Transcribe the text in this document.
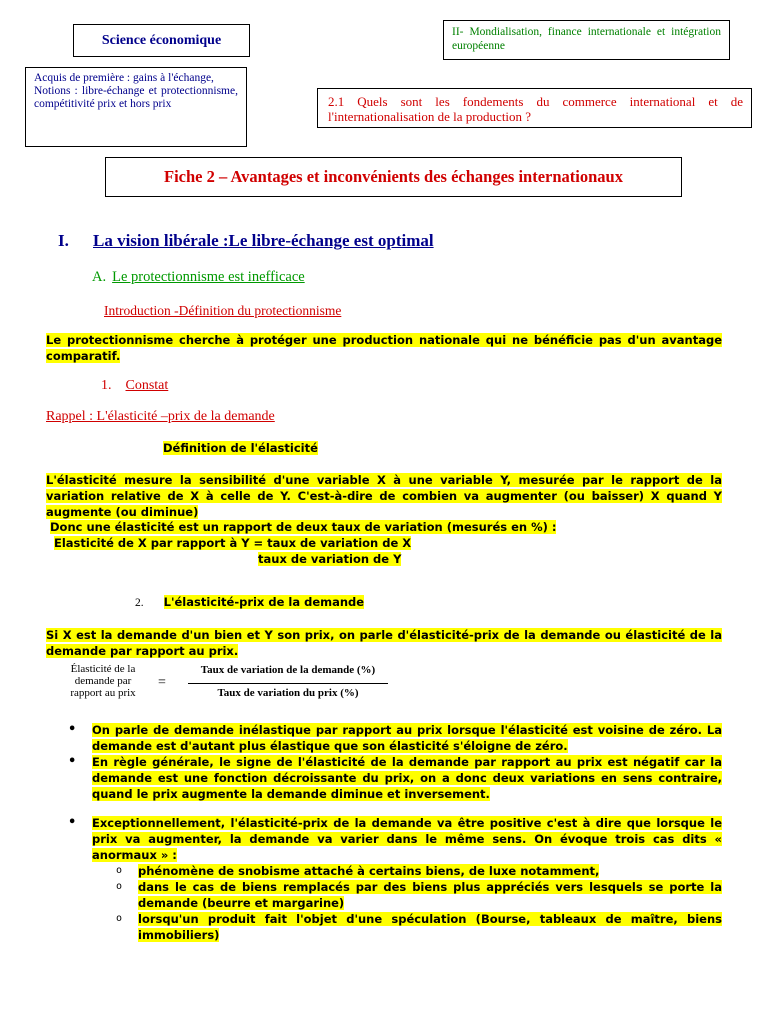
Science économique
II- Mondialisation, finance internationale et intégration européenne
Acquis de première : gains à l'échange,
Notions : libre-échange et protectionnisme, compétitivité prix et hors prix	2.1 Quels sont les fondements du commerce international et de l'internationalisation de la production ?
Fiche 2 – Avantages et inconvénients des échanges internationaux
I. La vision libérale :Le libre-échange est optimal
A. Le protectionnisme est inefficace
Introduction -Définition du protectionnisme
Le protectionnisme cherche à protéger une production nationale qui ne bénéficie pas d'un avantage comparatif.
1. Constat
Rappel : L'élasticité –prix de la demande
Définition de l'élasticité
L'élasticité mesure la sensibilité d'une variable X à une variable Y, mesurée par le rapport de la variation relative de X à celle de Y. C'est-à-dire de combien va augmenter (ou baisser) X quand Y augmente (ou diminue)
Donc une élasticité est un rapport de deux taux de variation (mesurés en %) :
Elasticité de X par rapport à Y = taux de variation de X
taux de variation de Y
2. L'élasticité-prix de la demande
Si X est la demande d'un bien et Y son prix, on parle d'élasticité-prix de la demande ou élasticité de la demande par rapport au prix.
Élasticité de la demande par rapport au prix
=
Taux de variation de la demande (%)
Taux de variation du prix (%)
• On parle de demande inélastique par rapport au prix lorsque l'élasticité est voisine de zéro. La demande est d'autant plus élastique que son élasticité s'éloigne de zéro.
• En règle générale, le signe de l'élasticité de la demande par rapport au prix est négatif car la demande est une fonction décroissante du prix, on a donc deux variations en sens contraire, quand le prix augmente la demande diminue et inversement.
• Exceptionnellement, l'élasticité-prix de la demande va être positive c'est à dire que lorsque le prix va augmenter, la demande va varier dans le même sens. On évoque trois cas dits « anormaux » :
o phénomène de snobisme attaché à certains biens, de luxe notamment,
o dans le cas de biens remplacés par des biens plus appréciés vers lesquels se porte la demande (beurre et margarine)
o lorsqu'un produit fait l'objet d'une spéculation (Bourse, tableaux de maître, biens immobiliers)
